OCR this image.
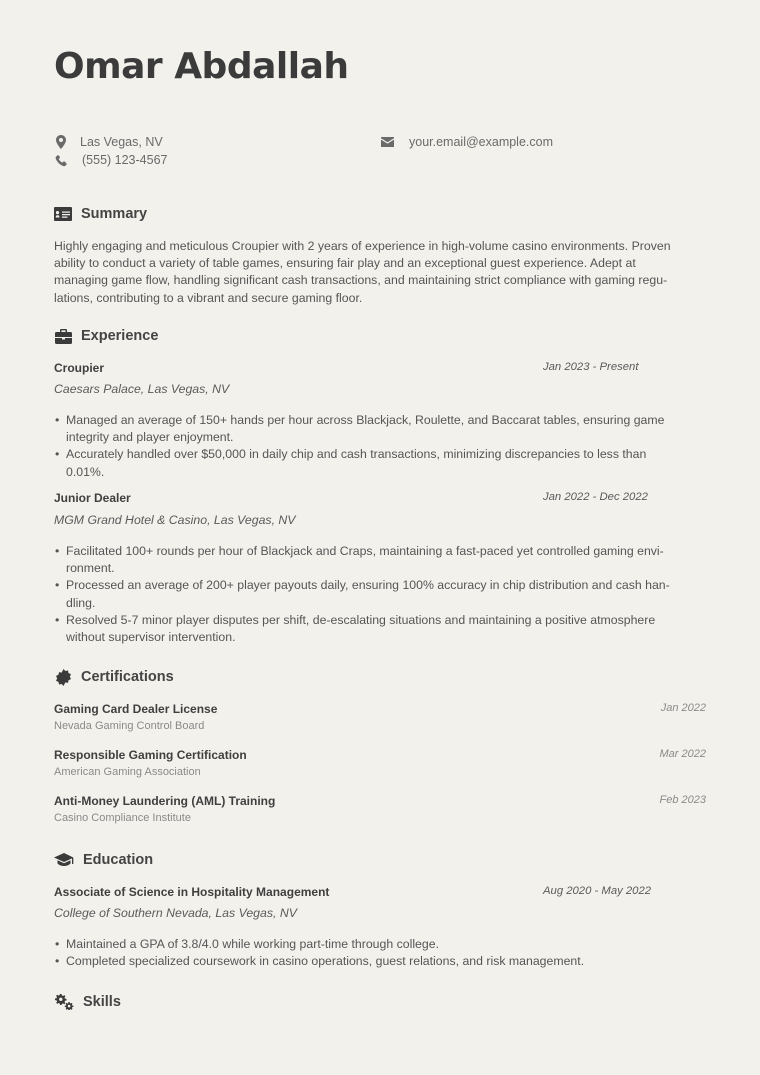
Omar Abdallah
Las Vegas, NV
(555) 123-4567
your.email@example.com
Summary

Highly engaging and meticulous Croupier with 2 years of experience in high-volume casino environments. Proven
ability to conduct a variety of table games, ensuring fair play and an exceptional guest experience. Adept at
managing game flow, handling significant cash transactions, and maintaining strict compliance with gaming regu-
lations, contributing to a vibrant and secure gaming floor.

Experience
Croupier	Jan 2023 - Present
Caesars Palace, Las Vegas, NV
• Managed an average of 150+ hands per hour across Blackjack, Roulette, and Baccarat tables, ensuring game
integrity and player enjoyment.
• Accurately handled over $50,000 in daily chip and cash transactions, minimizing discrepancies to less than
0.01%.
Junior Dealer	Jan 2022 - Dec 2022
MGM Grand Hotel & Casino, Las Vegas, NV
• Facilitated 100+ rounds per hour of Blackjack and Craps, maintaining a fast-paced yet controlled gaming envi-
ronment.
• Processed an average of 200+ player payouts daily, ensuring 100% accuracy in chip distribution and cash han-
dling.
• Resolved 5-7 minor player disputes per shift, de-escalating situations and maintaining a positive atmosphere
without supervisor intervention.
Certifications
Gaming Card Dealer License	Jan 2022
Nevada Gaming Control Board
Responsible Gaming Certification	Mar 2022
American Gaming Association
Anti-Money Laundering (AML) Training	Feb 2023
Casino Compliance Institute
Education
Associate of Science in Hospitality Management	Aug 2020 - May 2022
College of Southern Nevada, Las Vegas, NV
• Maintained a GPA of 3.8/4.0 while working part-time through college.
• Completed specialized coursework in casino operations, guest relations, and risk management.
Skills
